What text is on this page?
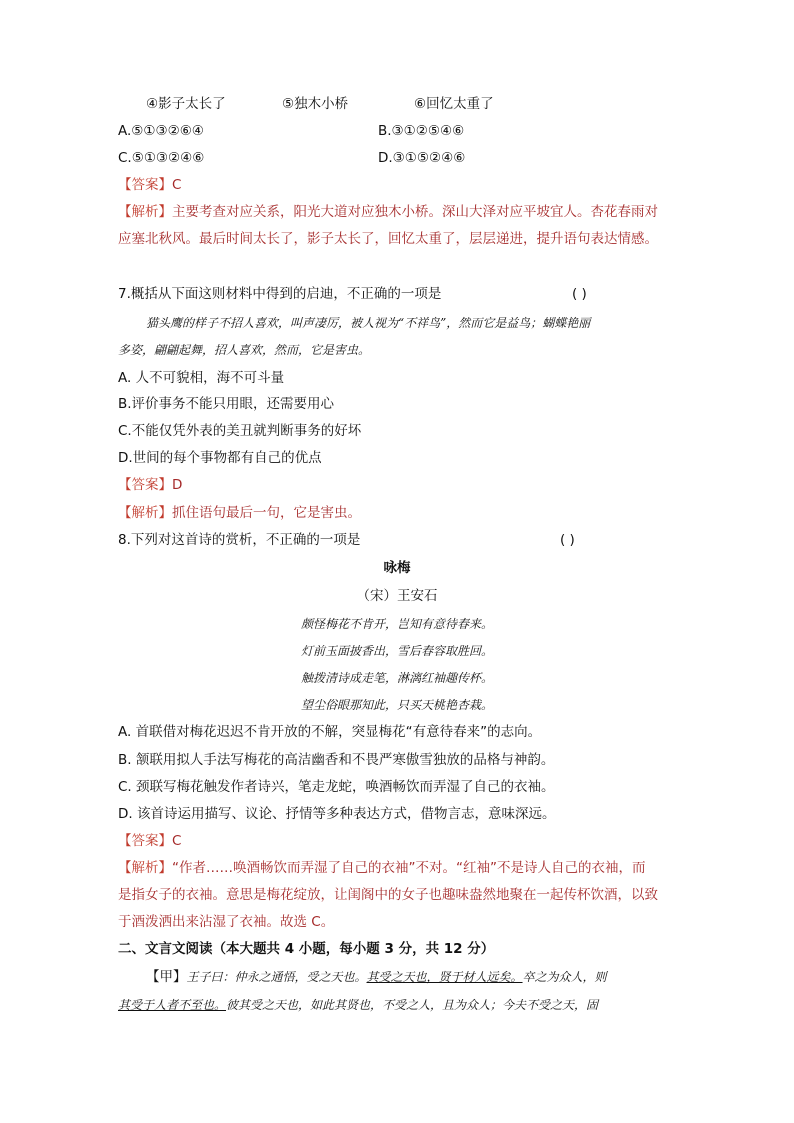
④影子太长了	⑤独木小桥	⑥回忆太重了
A.⑤①③②⑥④	B.③①②⑤④⑥
C.⑤①③②④⑥	D.③①⑤②④⑥
【答案】C
【解析】主要考查对应关系，阳光大道对应独木小桥。深山大泽对应平坡宜人。杏花春雨对
应塞北秋风。最后时间太长了，影子太长了，回忆太重了，层层递进，提升语句表达情感。
7.概括从下面这则材料中得到的启迪，不正确的一项是	( )
猫头鹰的样子不招人喜欢，叫声凄厉，被人视为“不祥鸟”，然而它是益鸟；蝴蝶艳丽
多姿，翩翩起舞，招人喜欢，然而，它是害虫。
A. 人不可貌相，海不可斗量
B.评价事务不能只用眼，还需要用心
C.不能仅凭外表的美丑就判断事务的好坏
D.世间的每个事物都有自己的优点
【答案】D
【解析】抓住语句最后一句，它是害虫。
8.下列对这首诗的赏析，不正确的一项是	( )
咏梅
（宋）王安石
颇怪梅花不肯开，岂知有意待春来。
灯前玉面披香出，雪后春容取胜回。
触拨清诗成走笔，淋漓红袖趣传杯。
望尘俗眼那知此，只买天桃艳杏栽。
A. 首联借对梅花迟迟不肯开放的不解，突显梅花“有意待春来”的志向。
B. 颔联用拟人手法写梅花的高洁幽香和不畏严寒傲雪独放的品格与神韵。
C. 颈联写梅花触发作者诗兴，笔走龙蛇，唤酒畅饮而弄湿了自己的衣袖。
D. 该首诗运用描写、议论、抒情等多种表达方式，借物言志，意味深远。
【答案】C
【解析】“作者……唤酒畅饮而弄湿了自己的衣袖”不对。“红袖”不是诗人自己的衣袖，而
是指女子的衣袖。意思是梅花绽放，让闺阁中的女子也趣味盎然地聚在一起传杯饮酒，以致
于酒泼洒出来沾湿了衣袖。故选 C。
二、文言文阅读（本大题共 4 小题，每小题 3 分，共 12 分）
【甲】王子曰：仲永之通悟，受之天也。其受之天也，贤于材人远矣。卒之为众人，则
其受于人者不至也。彼其受之天也，如此其贤也，不受之人，且为众人；今夫不受之天，固
